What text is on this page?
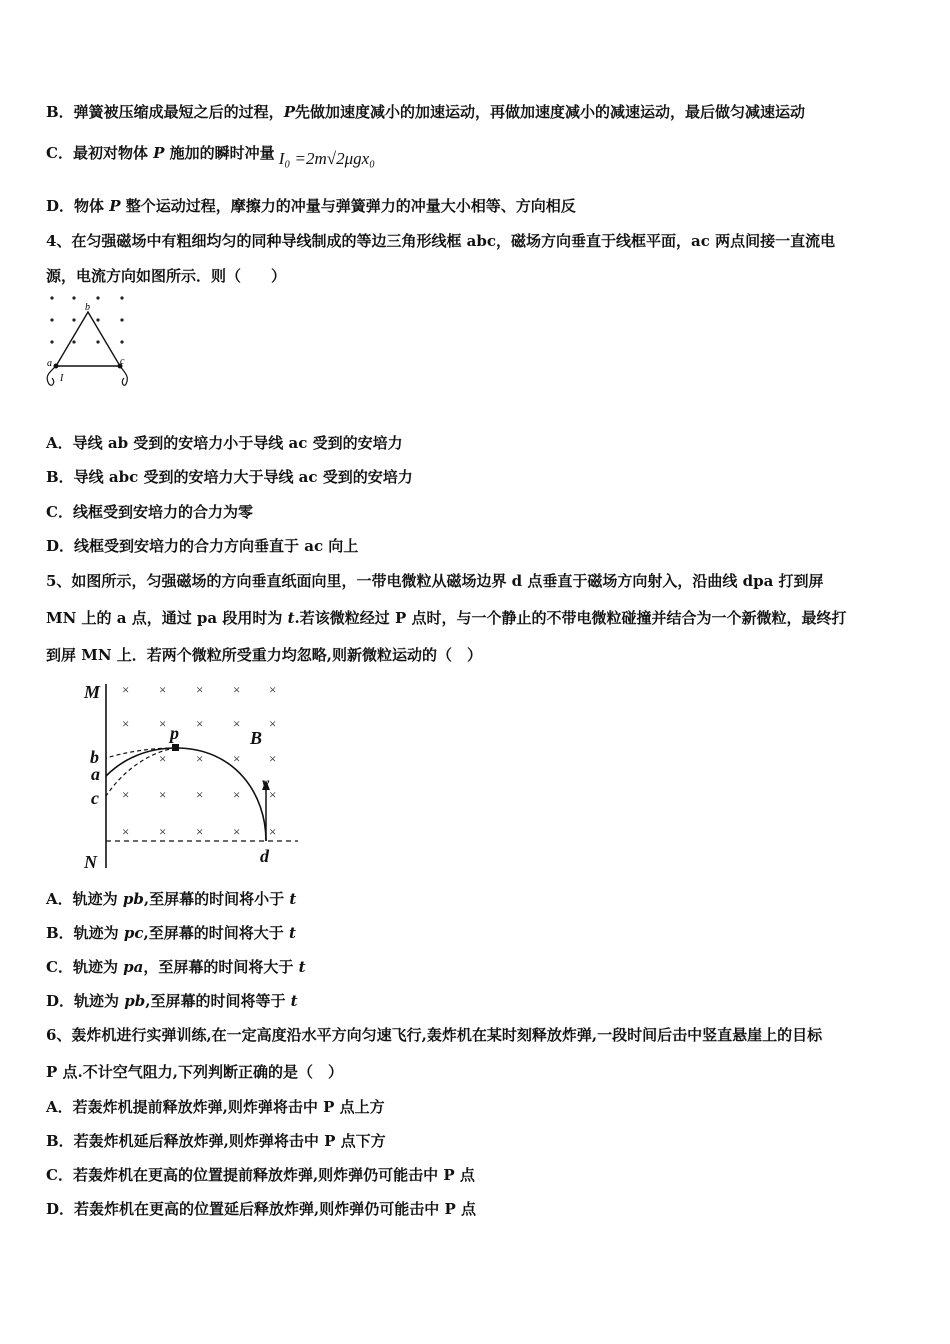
B．弹簧被压缩成最短之后的过程，P先做加速度减小的加速运动，再做加速度减小的减速运动，最后做匀减速运动
C．最初对物体 P 施加的瞬时冲量 I₀ =2m√2μgx₀
D．物体 P 整个运动过程，摩擦力的冲量与弹簧弹力的冲量大小相等、方向相反
4、在匀强磁场中有粗细均匀的同种导线制成的等边三角形线框 abc，磁场方向垂直于线框平面，ac 两点间接一直流电
源，电流方向如图所示．则（　　）
b
a	c
I
A．导线 ab 受到的安培力小于导线 ac 受到的安培力
B．导线 abc 受到的安培力大于导线 ac 受到的安培力
C．线框受到安培力的合力为零
D．线框受到安培力的合力方向垂直于 ac 向上
5、如图所示，匀强磁场的方向垂直纸面向里，一带电微粒从磁场边界 d 点垂直于磁场方向射入，沿曲线 dpa 打到屏
MN 上的 a 点，通过 pa 段用时为 t.若该微粒经过 P 点时，与一个静止的不带电微粒碰撞并结合为一个新微粒，最终打
到屏 MN 上．若两个微粒所受重力均忽略,则新微粒运动的（　）
× × × × ×
× × × × ×
× × × ×
× × × × ×
× × × × ×
M
N
b
a
c
d
p	B
v
A．轨迹为 pb,至屏幕的时间将小于 t
B．轨迹为 pc,至屏幕的时间将大于 t
C．轨迹为 pa，至屏幕的时间将大于 t
D．轨迹为 pb,至屏幕的时间将等于 t
6、轰炸机进行实弹训练,在一定高度沿水平方向匀速飞行,轰炸机在某时刻释放炸弹,一段时间后击中竖直悬崖上的目标
P 点.不计空气阻力,下列判断正确的是（　）
A．若轰炸机提前释放炸弹,则炸弹将击中 P 点上方
B．若轰炸机延后释放炸弹,则炸弹将击中 P 点下方
C．若轰炸机在更高的位置提前释放炸弹,则炸弹仍可能击中 P 点
D．若轰炸机在更高的位置延后释放炸弹,则炸弹仍可能击中 P 点
